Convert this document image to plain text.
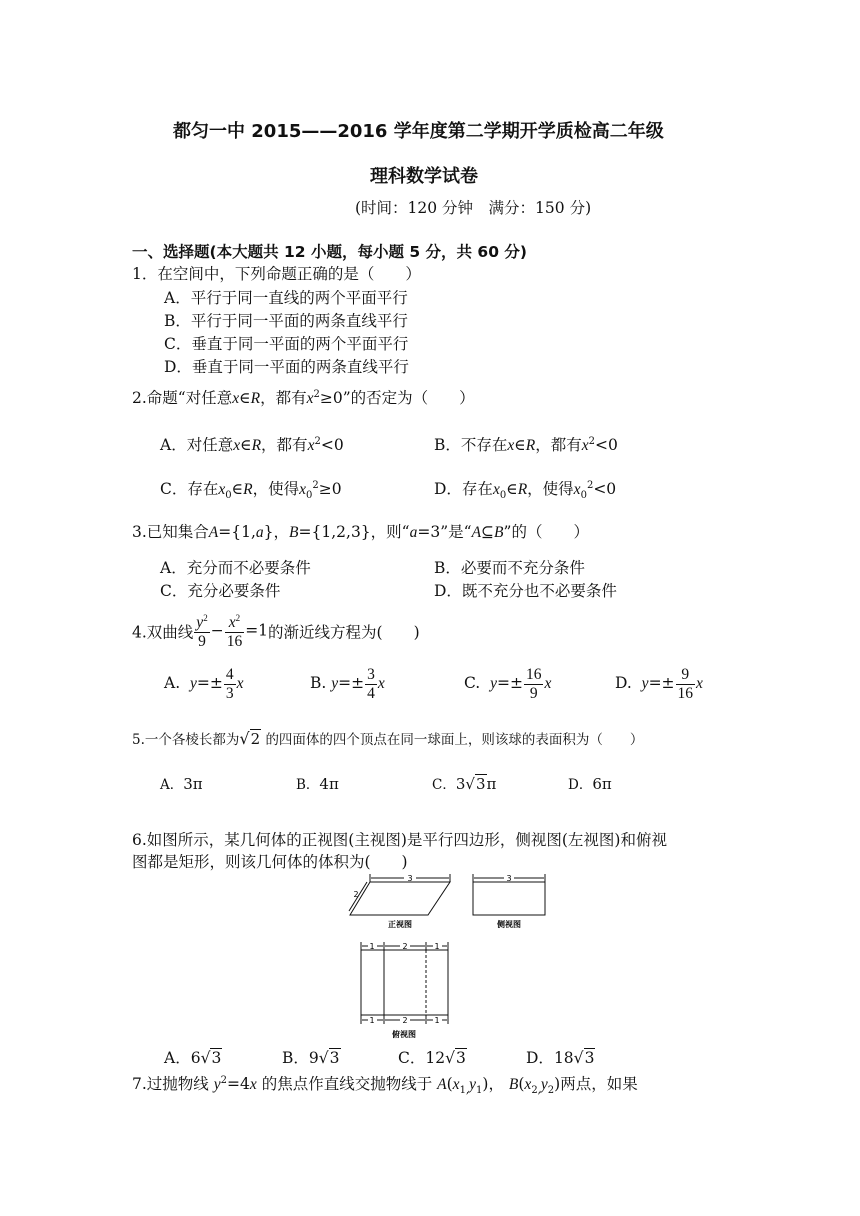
都匀一中 2015——2016 学年度第二学期开学质检高二年级
理科数学试卷
(时间：120 分钟　满分：150 分)
一、选择题(本大题共 12 小题，每小题 5 分，共 60 分)
1．在空间中，下列命题正确的是（　　）
A．平行于同一直线的两个平面平行
B．平行于同一平面的两条直线平行
C．垂直于同一平面的两个平面平行
D．垂直于同一平面的两条直线平行
2.命题“对任意x∈R，都有$x^2\ge 0$”的否定为（　　）
A．对任意x∈R，都有$x^2<0$	B．不存在x∈R，都有$x^2<0$
C．存在$x_0\in R$，使得$x_0^2\ge 0$	D．存在$x_0\in R$，使得$x_0^2<0$
3.已知集合A={1,a}，B={1,2,3}，则“a=3”是“A⊆B”的（　　）
A．充分而不必要条件	B．必要而不充分条件
C．充分必要条件	D．既不充分也不必要条件
4.双曲线 $\frac{y^2}{9} - \frac{x^2}{16} =1$的渐近线方程为(　　)
A. $y=\pm \frac{4}{3}$ x	B. $y=\pm \frac{3}{4}$ x	C. $y=\pm \frac{16}{9}$ x	D. $y=\pm \frac{9}{16}$ x
5.一个各棱长都为√2 的四面体的四个顶点在同一球面上，则该球的表面积为（　　）
A．3π	B．4π	C．3√3π	D．6π
6.如图所示，某几何体的正视图(主视图)是平行四边形，侧视图(左视图)和俯视
图都是矩形，则该几何体的体积为(　　)
3
2
正视图
3
侧视图
1	2	1
1	2	1
俯视图
A．6√3	B．9√3	C．12√3	D．18√3
7.过抛物线 $y^2=4x$ 的焦点作直线交抛物线于 $A(x_{1,}y_1)$， $B(x_{2,}y_2)$两点，如果
